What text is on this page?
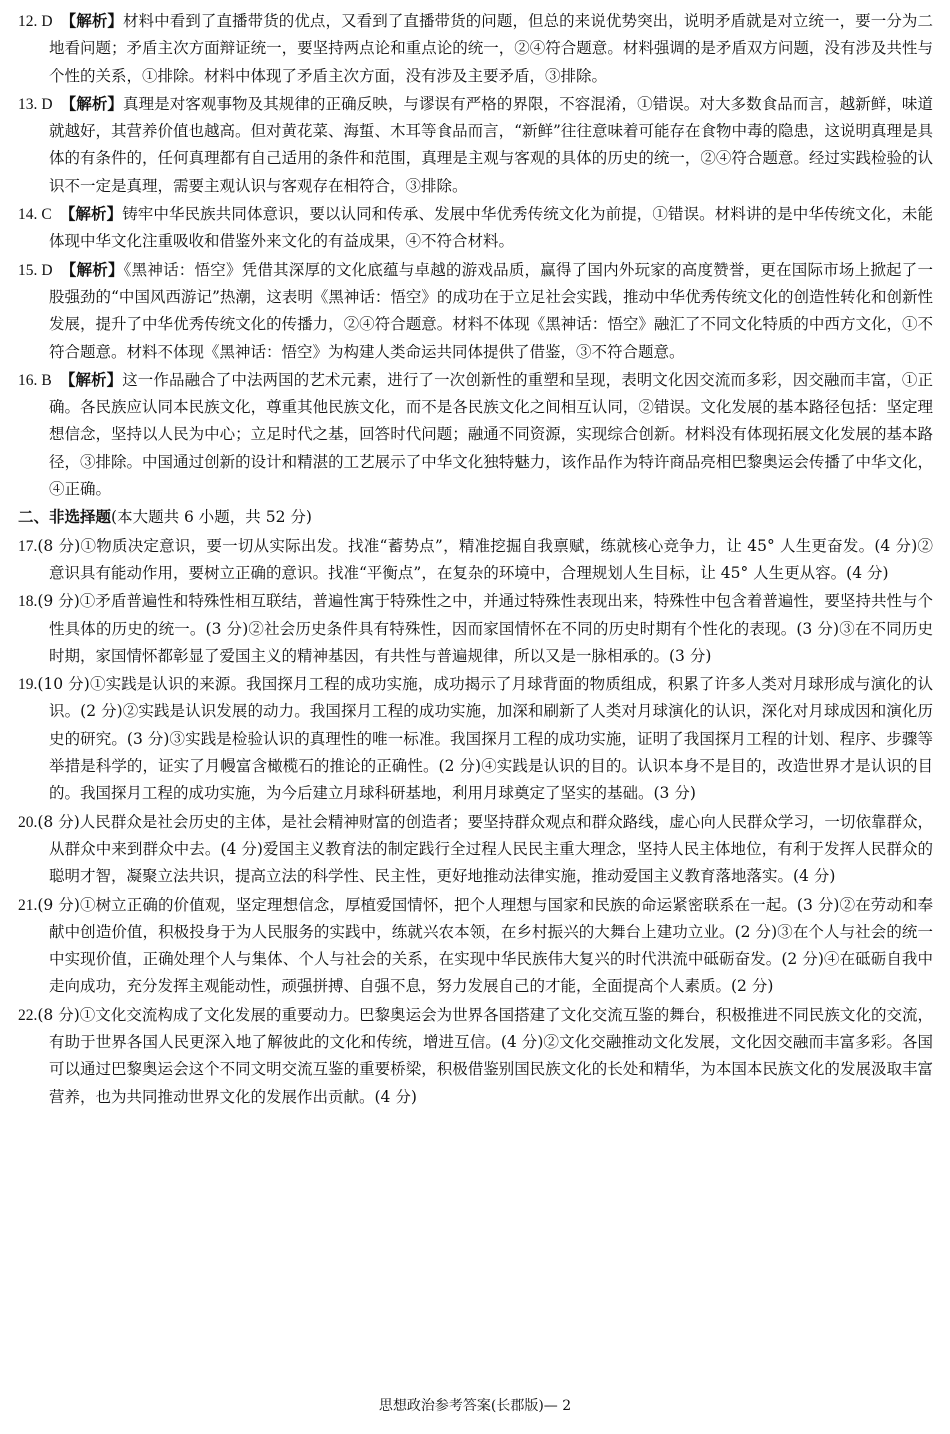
12. D 【解析】材料中看到了直播带货的优点，又看到了直播带货的问题，但总的来说优势突出，说明矛盾就是对立统一，要一分为二地看问题；矛盾主次方面辩证统一，要坚持两点论和重点论的统一，②④符合题意。材料强调的是矛盾双方问题，没有涉及共性与个性的关系，①排除。材料中体现了矛盾主次方面，没有涉及主要矛盾，③排除。

13. D 【解析】真理是对客观事物及其规律的正确反映，与谬误有严格的界限，不容混淆，①错误。对大多数食品而言，越新鲜，味道就越好，其营养价值也越高。但对黄花菜、海蜇、木耳等食品而言，“新鲜”往往意味着可能存在食物中毒的隐患，这说明真理是具体的有条件的，任何真理都有自己适用的条件和范围，真理是主观与客观的具体的历史的统一，②④符合题意。经过实践检验的认识不一定是真理，需要主观认识与客观存在相符合，③排除。

14. C 【解析】铸牢中华民族共同体意识，要以认同和传承、发展中华优秀传统文化为前提，①错误。材料讲的是中华传统文化，未能体现中华文化注重吸收和借鉴外来文化的有益成果，④不符合材料。

15. D 【解析】《黑神话：悟空》凭借其深厚的文化底蕴与卓越的游戏品质，赢得了国内外玩家的高度赞誉，更在国际市场上掀起了一股强劲的“中国风西游记”热潮，这表明《黑神话：悟空》的成功在于立足社会实践，推动中华优秀传统文化的创造性转化和创新性发展，提升了中华优秀传统文化的传播力，②④符合题意。材料不体现《黑神话：悟空》融汇了不同文化特质的中西方文化，①不符合题意。材料不体现《黑神话：悟空》为构建人类命运共同体提供了借鉴，③不符合题意。

16. B 【解析】这一作品融合了中法两国的艺术元素，进行了一次创新性的重塑和呈现，表明文化因交流而多彩，因交融而丰富，①正确。各民族应认同本民族文化，尊重其他民族文化，而不是各民族文化之间相互认同，②错误。文化发展的基本路径包括：坚定理想信念，坚持以人民为中心；立足时代之基，回答时代问题；融通不同资源，实现综合创新。材料没有体现拓展文化发展的基本路径，③排除。中国通过创新的设计和精湛的工艺展示了中华文化独特魅力，该作品作为特许商品亮相巴黎奥运会传播了中华文化，④正确。

二、非选择题(本大题共 6 小题，共 52 分)

17.(8 分)①物质决定意识，要一切从实际出发。找准“蓄势点”，精准挖掘自我禀赋，练就核心竞争力，让 45° 人生更奋发。(4 分)②意识具有能动作用，要树立正确的意识。找准“平衡点”，在复杂的环境中，合理规划人生目标，让 45° 人生更从容。(4 分)

18.(9 分)①矛盾普遍性和特殊性相互联结，普遍性寓于特殊性之中，并通过特殊性表现出来，特殊性中包含着普遍性，要坚持共性与个性具体的历史的统一。(3 分)②社会历史条件具有特殊性，因而家国情怀在不同的历史时期有个性化的表现。(3 分)③在不同历史时期，家国情怀都彰显了爱国主义的精神基因，有共性与普遍规律，所以又是一脉相承的。(3 分)

19.(10 分)①实践是认识的来源。我国探月工程的成功实施，成功揭示了月球背面的物质组成，积累了许多人类对月球形成与演化的认识。(2 分)②实践是认识发展的动力。我国探月工程的成功实施，加深和刷新了人类对月球演化的认识，深化对月球成因和演化历史的研究。(3 分)③实践是检验认识的真理性的唯一标准。我国探月工程的成功实施，证明了我国探月工程的计划、程序、步骤等举措是科学的，证实了月幔富含橄榄石的推论的正确性。(2 分)④实践是认识的目的。认识本身不是目的，改造世界才是认识的目的。我国探月工程的成功实施，为今后建立月球科研基地，利用月球奠定了坚实的基础。(3 分)

20.(8 分)人民群众是社会历史的主体，是社会精神财富的创造者；要坚持群众观点和群众路线，虚心向人民群众学习，一切依靠群众，从群众中来到群众中去。(4 分)爱国主义教育法的制定践行全过程人民民主重大理念，坚持人民主体地位，有利于发挥人民群众的聪明才智，凝聚立法共识，提高立法的科学性、民主性，更好地推动法律实施，推动爱国主义教育落地落实。(4 分)

21.(9 分)①树立正确的价值观，坚定理想信念，厚植爱国情怀，把个人理想与国家和民族的命运紧密联系在一起。(3 分)②在劳动和奉献中创造价值，积极投身于为人民服务的实践中，练就兴农本领，在乡村振兴的大舞台上建功立业。(2 分)③在个人与社会的统一中实现价值，正确处理个人与集体、个人与社会的关系，在实现中华民族伟大复兴的时代洪流中砥砺奋发。(2 分)④在砥砺自我中走向成功，充分发挥主观能动性，顽强拼搏、自强不息，努力发展自己的才能，全面提高个人素质。(2 分)

22.(8 分)①文化交流构成了文化发展的重要动力。巴黎奥运会为世界各国搭建了文化交流互鉴的舞台，积极推进不同民族文化的交流，有助于世界各国人民更深入地了解彼此的文化和传统，增进互信。(4 分)②文化交融推动文化发展，文化因交融而丰富多彩。各国可以通过巴黎奥运会这个不同文明交流互鉴的重要桥梁，积极借鉴别国民族文化的长处和精华，为本国本民族文化的发展汲取丰富营养，也为共同推动世界文化的发展作出贡献。(4 分)

思想政治参考答案(长郡版)— 2
